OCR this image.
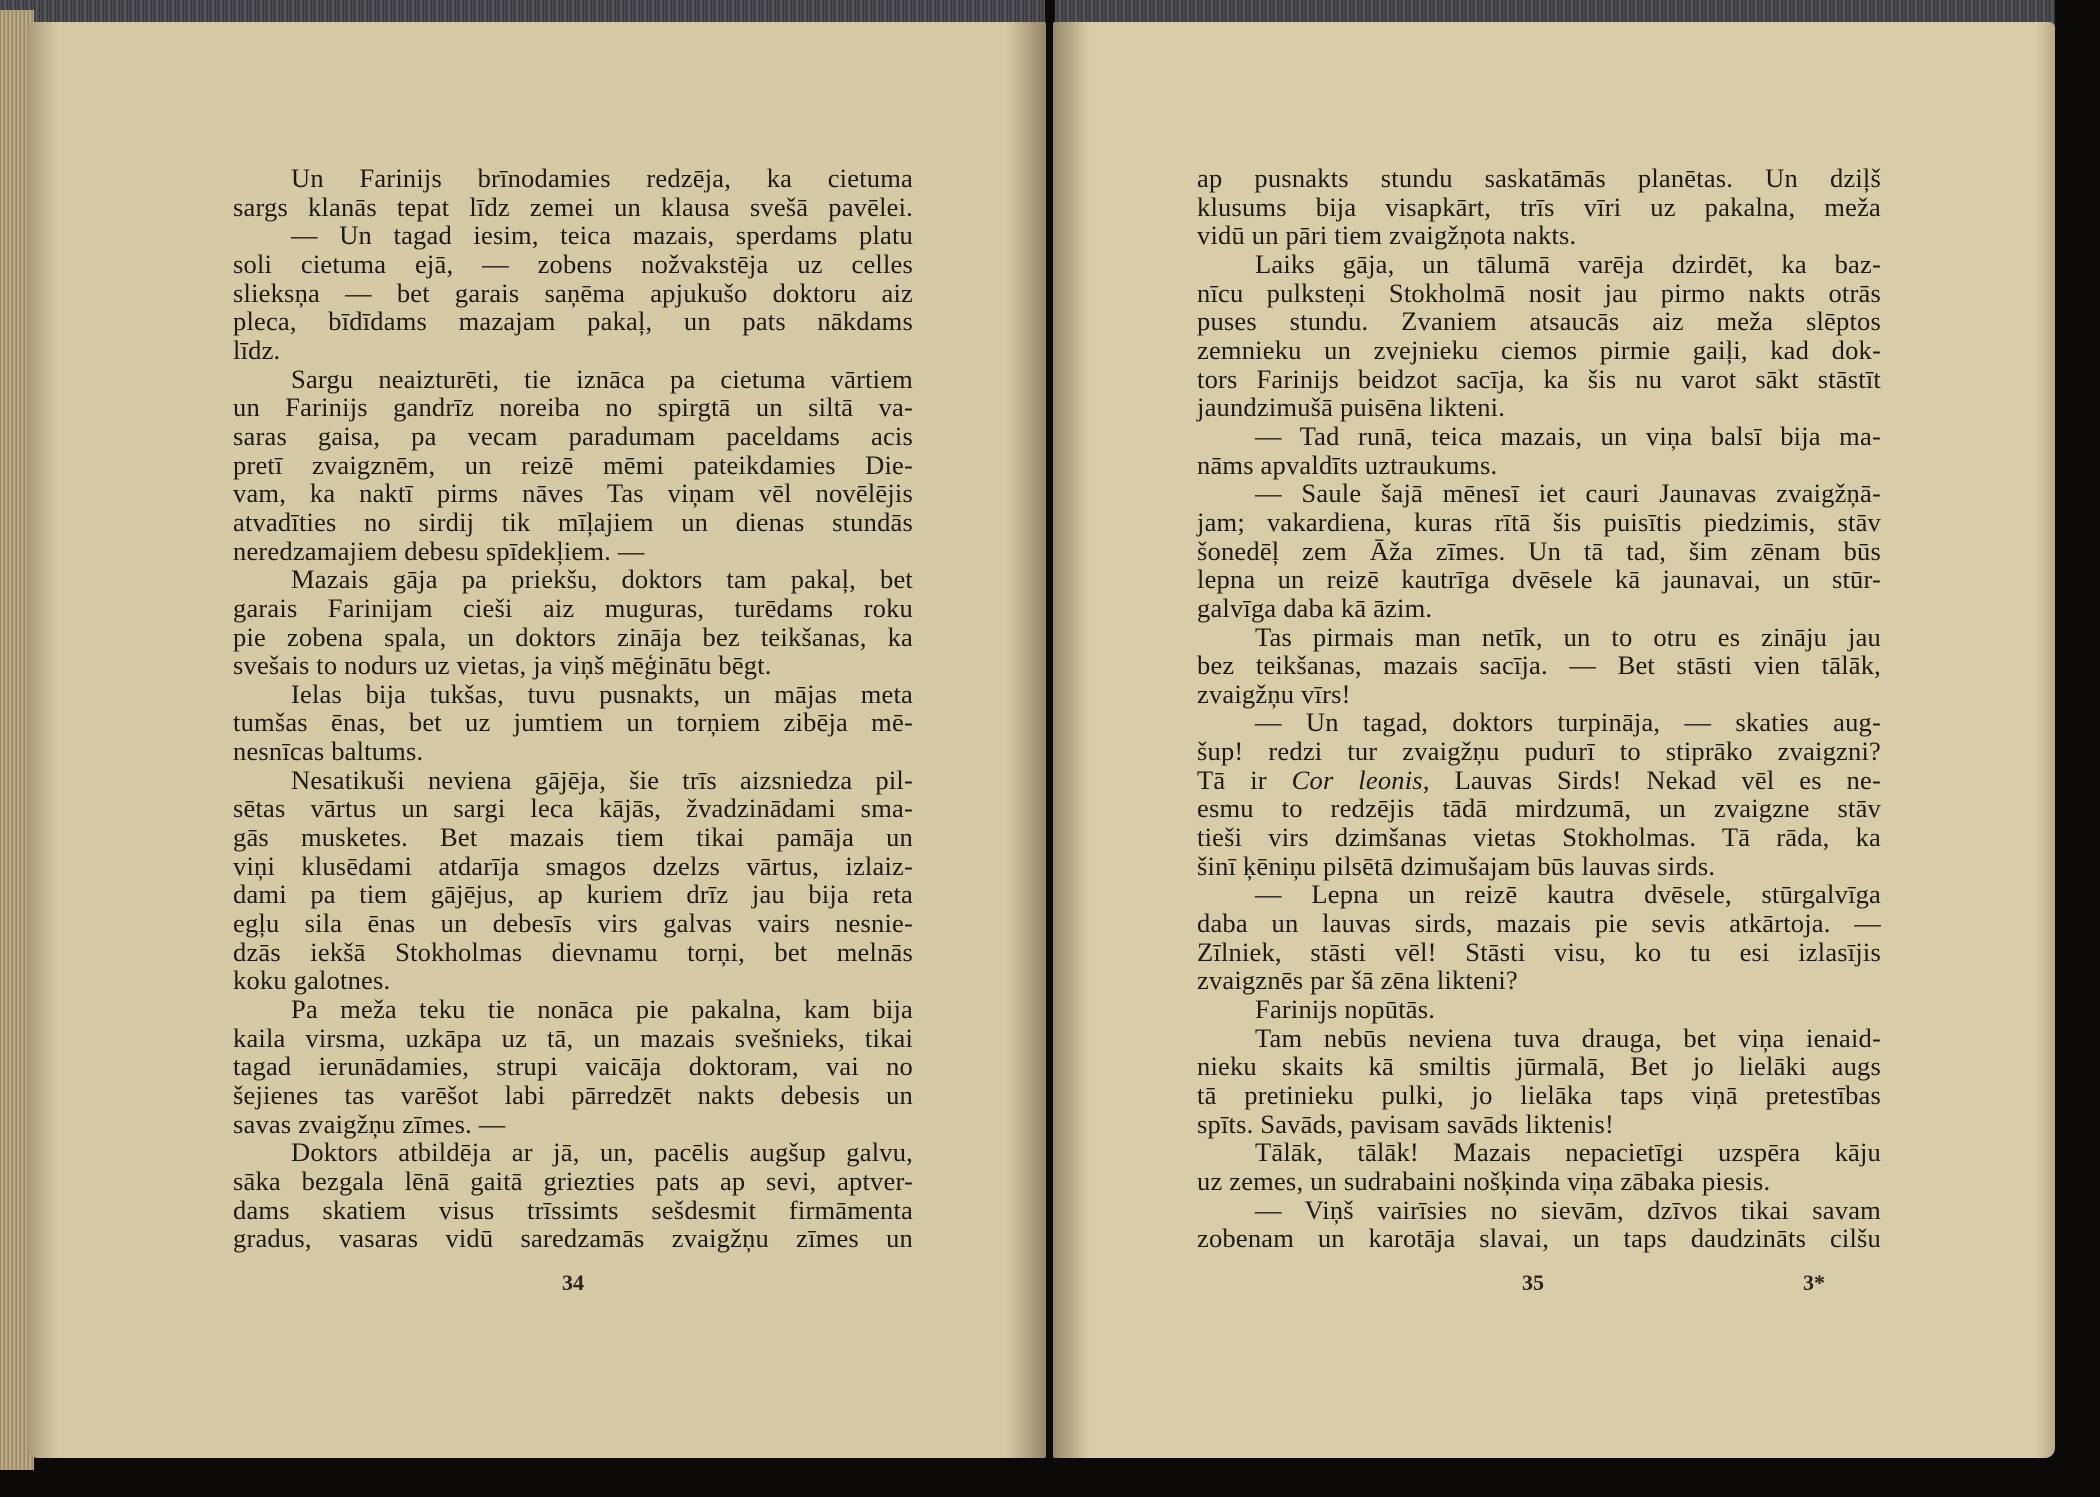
Un Farinijs brīnodamies redzēja, ka cietuma

sargs klanās tepat līdz zemei un klausa svešā pavēlei.

— Un tagad iesim, teica mazais, sperdams platu

soli cietuma ejā, — zobens nožvakstēja uz celles

slieksņa — bet garais saņēma apjukušo doktoru aiz

pleca, bīdīdams mazajam pakaļ, un pats nākdams

līdz.

Sargu neaizturēti, tie iznāca pa cietuma vārtiem

un Farinijs gandrīz noreiba no spirgtā un siltā va-

saras gaisa, pa vecam paradumam paceldams acis

pretī zvaigznēm, un reizē mēmi pateikdamies Die-

vam, ka naktī pirms nāves Tas viņam vēl novēlējis

atvadīties no sirdij tik mīļajiem un dienas stundās

neredzamajiem debesu spīdekļiem. —

Mazais gāja pa priekšu, doktors tam pakaļ, bet

garais Farinijam cieši aiz muguras, turēdams roku

pie zobena spala, un doktors zināja bez teikšanas, ka

svešais to nodurs uz vietas, ja viņš mēģinātu bēgt.

Ielas bija tukšas, tuvu pusnakts, un mājas meta

tumšas ēnas, bet uz jumtiem un torņiem zibēja mē-

nesnīcas baltums.

Nesatikuši neviena gājēja, šie trīs aizsniedza pil-

sētas vārtus un sargi leca kājās, žvadzinādami sma-

gās musketes. Bet mazais tiem tikai pamāja un

viņi klusēdami atdarīja smagos dzelzs vārtus, izlaiz-

dami pa tiem gājējus, ap kuriem drīz jau bija reta

egļu sila ēnas un debesīs virs galvas vairs nesnie-

dzās iekšā Stokholmas dievnamu torņi, bet melnās

koku galotnes.

Pa meža teku tie nonāca pie pakalna, kam bija

kaila virsma, uzkāpa uz tā, un mazais svešnieks, tikai

tagad ierunādamies, strupi vaicāja doktoram, vai no

šejienes tas varēšot labi pārredzēt nakts debesis un

savas zvaigžņu zīmes. —

Doktors atbildēja ar jā, un, pacēlis augšup galvu,

sāka bezgala lēnā gaitā griezties pats ap sevi, aptver-

dams skatiem visus trīssimts sešdesmit firmāmenta

gradus, vasaras vidū saredzamās zvaigžņu zīmes un

34

ap pusnakts stundu saskatāmās planētas. Un dziļš

klusums bija visapkārt, trīs vīri uz pakalna, meža

vidū un pāri tiem zvaigžņota nakts.

Laiks gāja, un tālumā varēja dzirdēt, ka baz-

nīcu pulksteņi Stokholmā nosit jau pirmo nakts otrās

puses stundu. Zvaniem atsaucās aiz meža slēptos

zemnieku un zvejnieku ciemos pirmie gaiļi, kad dok-

tors Farinijs beidzot sacīja, ka šis nu varot sākt stāstīt

jaundzimušā puisēna likteni.

— Tad runā, teica mazais, un viņa balsī bija ma-

nāms apvaldīts uztraukums.

— Saule šajā mēnesī iet cauri Jaunavas zvaigžņā-

jam; vakardiena, kuras rītā šis puisītis piedzimis, stāv

šonedēļ zem Āža zīmes. Un tā tad, šim zēnam būs

lepna un reizē kautrīga dvēsele kā jaunavai, un stūr-

galvīga daba kā āzim.

Tas pirmais man netīk, un to otru es zināju jau

bez teikšanas, mazais sacīja. — Bet stāsti vien tālāk,

zvaigžņu vīrs!

— Un tagad, doktors turpināja, — skaties aug-

šup! redzi tur zvaigžņu pudurī to stiprāko zvaigzni?

Tā ir Cor leonis, Lauvas Sirds! Nekad vēl es ne-

esmu to redzējis tādā mirdzumā, un zvaigzne stāv

tieši virs dzimšanas vietas Stokholmas. Tā rāda, ka

šinī ķēniņu pilsētā dzimušajam būs lauvas sirds.

— Lepna un reizē kautra dvēsele, stūrgalvīga

daba un lauvas sirds, mazais pie sevis atkārtoja. —

Zīlniek, stāsti vēl! Stāsti visu, ko tu esi izlasījis

zvaigznēs par šā zēna likteni?

Farinijs nopūtās.

Tam nebūs neviena tuva drauga, bet viņa ienaid-

nieku skaits kā smiltis jūrmalā, Bet jo lielāki augs

tā pretinieku pulki, jo lielāka taps viņā pretestības

spīts. Savāds, pavisam savāds liktenis!

Tālāk, tālāk! Mazais nepacietīgi uzspēra kāju

uz zemes, un sudrabaini nošķinda viņa zābaka piesis.

— Viņš vairīsies no sievām, dzīvos tikai savam

zobenam un karotāja slavai, un taps daudzināts cilšu

35	3*
